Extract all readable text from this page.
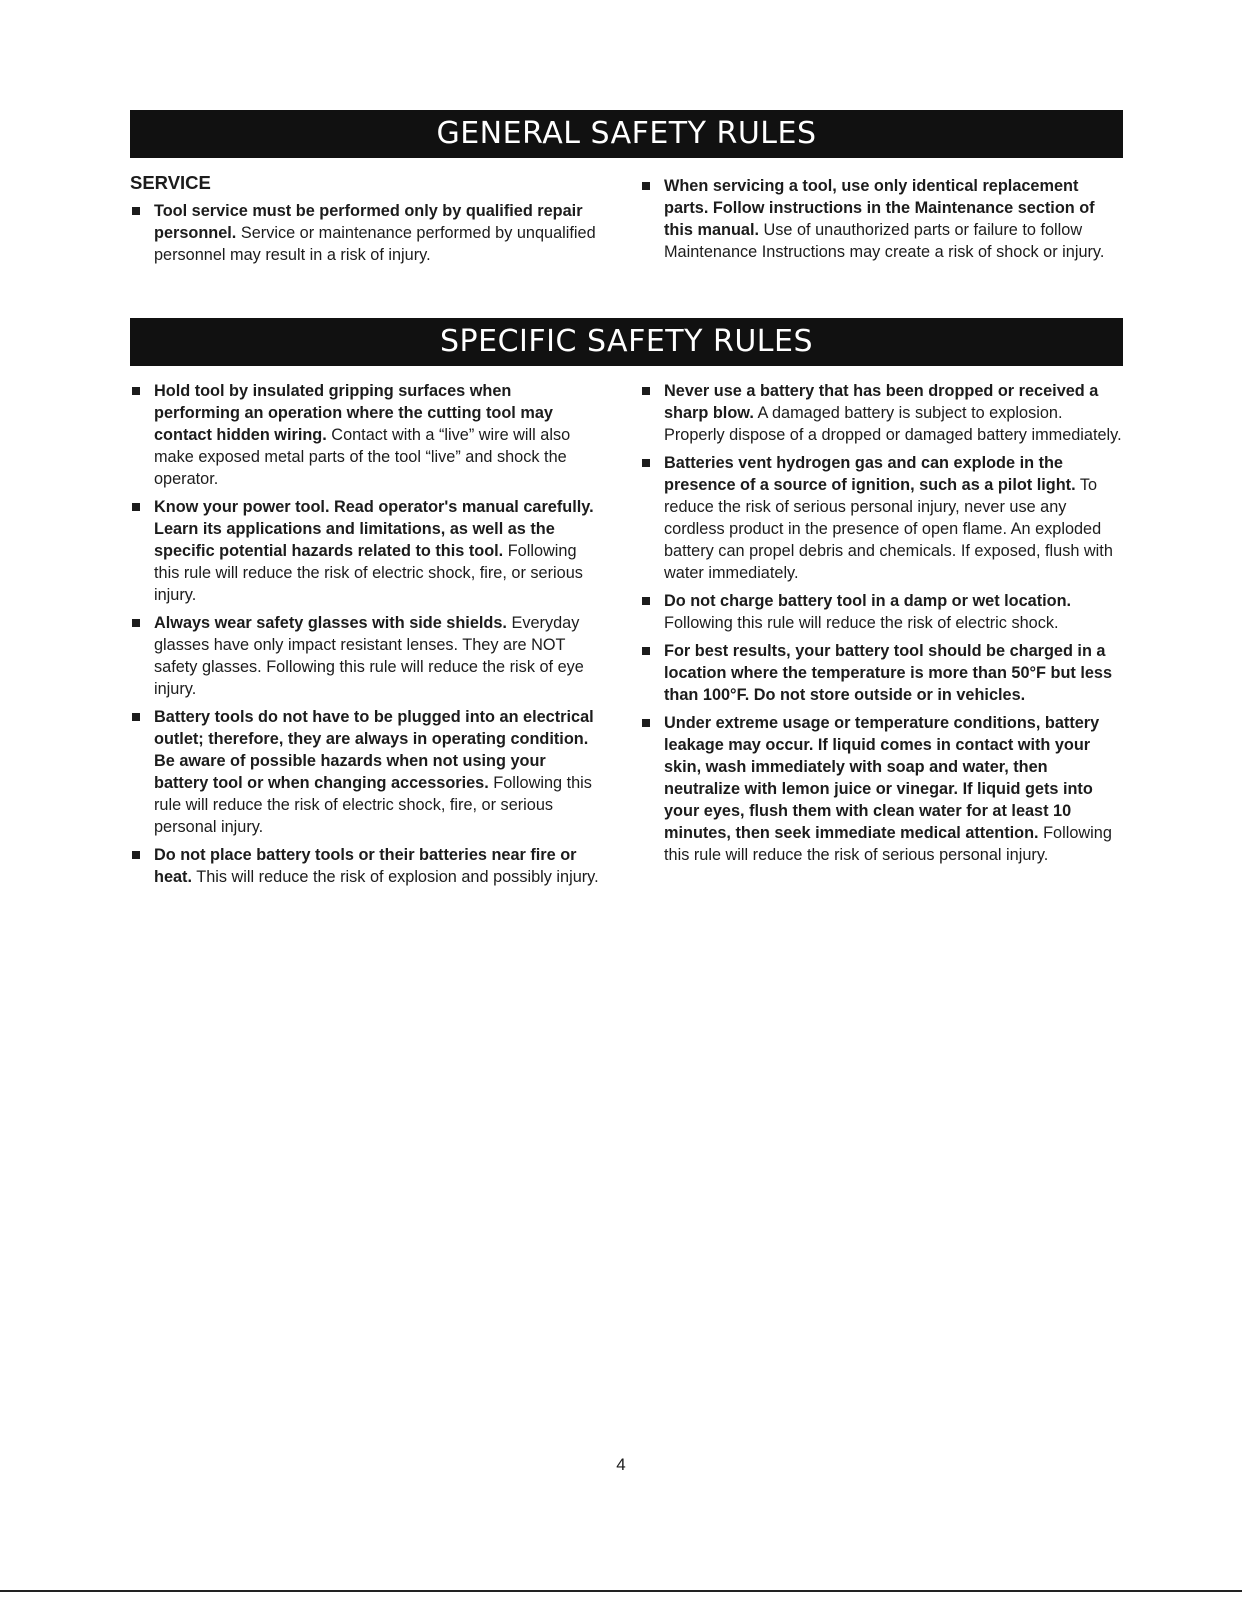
GENERAL SAFETY RULES
SERVICE
Tool service must be performed only by qualified repair personnel. Service or maintenance performed by unqualified personnel may result in a risk of injury.
When servicing a tool, use only identical replacement parts. Follow instructions in the Maintenance section of this manual. Use of unauthorized parts or failure to follow Maintenance Instructions may create a risk of shock or injury.
SPECIFIC SAFETY RULES
Hold tool by insulated gripping surfaces when performing an operation where the cutting tool may contact hidden wiring. Contact with a “live” wire will also make exposed metal parts of the tool “live” and shock the operator.
Know your power tool. Read operator's manual carefully. Learn its applications and limitations, as well as the specific potential hazards related to this tool. Following this rule will reduce the risk of electric shock, fire, or serious injury.
Always wear safety glasses with side shields. Everyday glasses have only impact resistant lenses. They are NOT safety glasses. Following this rule will reduce the risk of eye injury.
Battery tools do not have to be plugged into an electrical outlet; therefore, they are always in operating condition. Be aware of possible hazards when not using your battery tool or when changing accessories. Following this rule will reduce the risk of electric shock, fire, or serious personal injury.
Do not place battery tools or their batteries near fire or heat. This will reduce the risk of explosion and possibly injury.
Never use a battery that has been dropped or received a sharp blow. A damaged battery is subject to explosion. Properly dispose of a dropped or damaged battery immediately.
Batteries vent hydrogen gas and can explode in the presence of a source of ignition, such as a pilot light. To reduce the risk of serious personal injury, never use any cordless product in the presence of open flame. An exploded battery can propel debris and chemicals. If exposed, flush with water immediately.
Do not charge battery tool in a damp or wet location. Following this rule will reduce the risk of electric shock.
For best results, your battery tool should be charged in a location where the temperature is more than 50°F but less than 100°F. Do not store outside or in vehicles.
Under extreme usage or temperature conditions, battery leakage may occur. If liquid comes in contact with your skin, wash immediately with soap and water, then neutralize with lemon juice or vinegar. If liquid gets into your eyes, flush them with clean water for at least 10 minutes, then seek immediate medical attention. Following this rule will reduce the risk of serious personal injury.
4
